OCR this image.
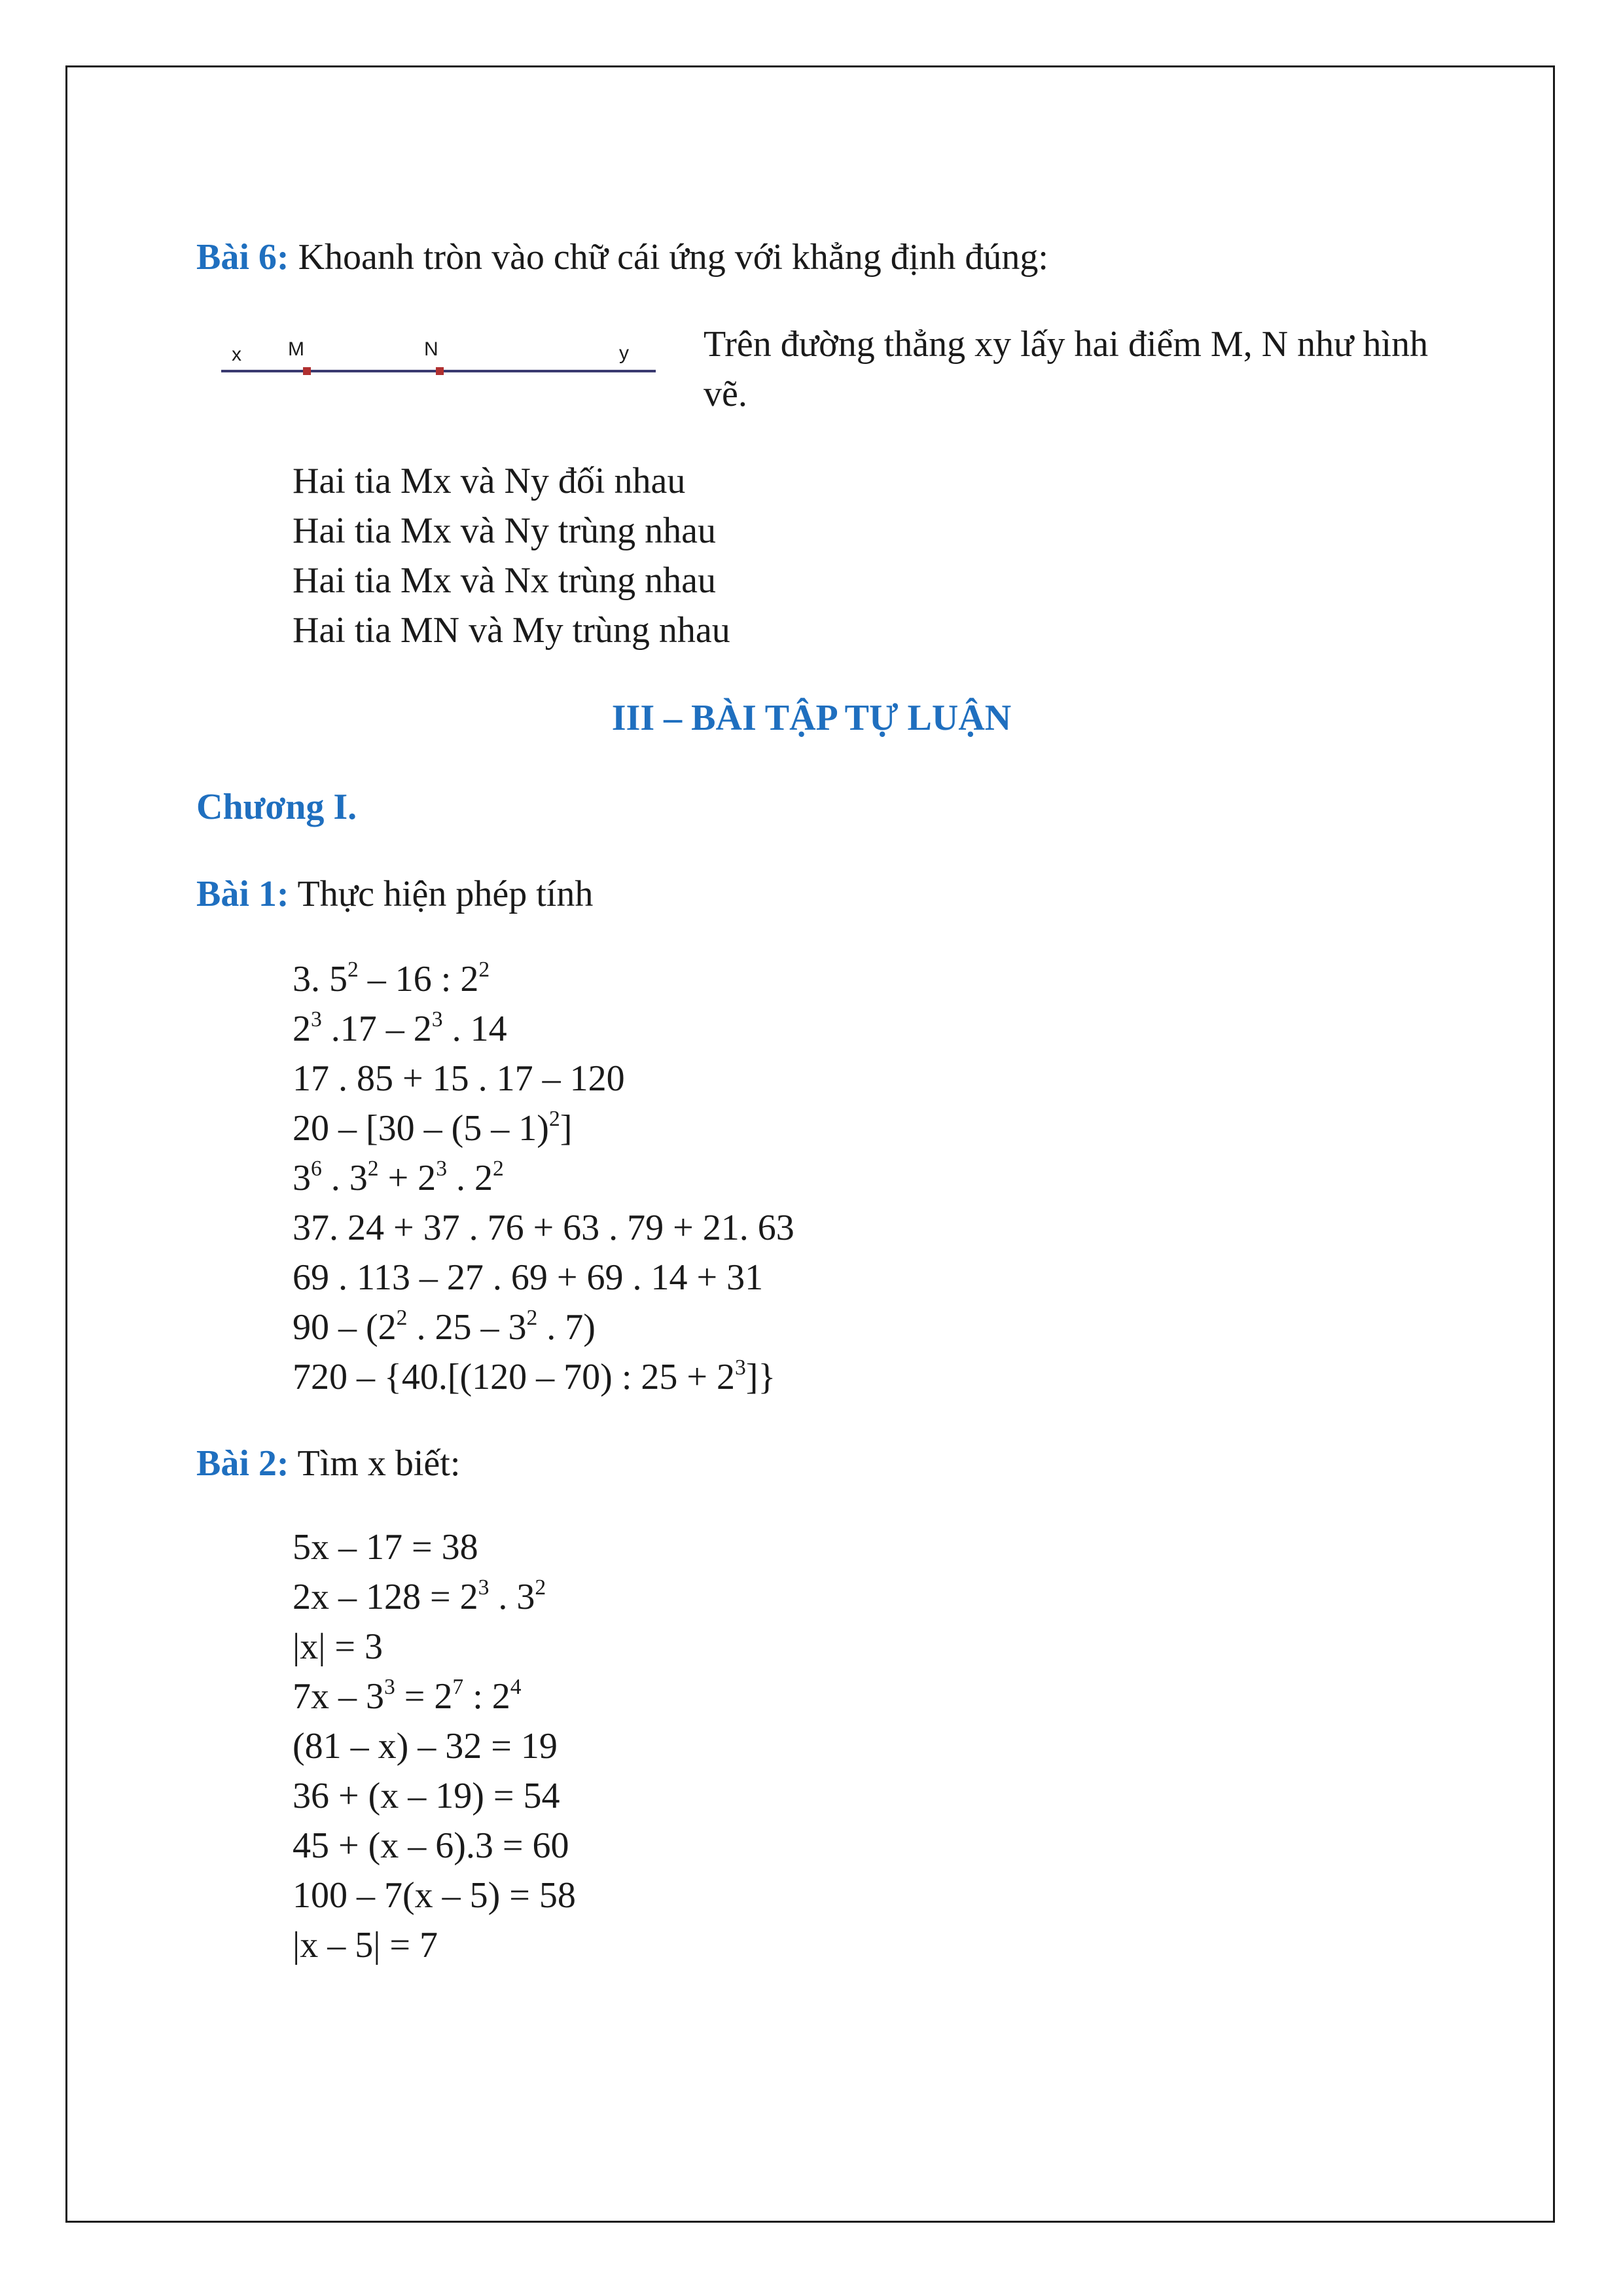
Bài 6: Khoanh tròn vào chữ cái ứng với khẳng định đúng:
x M	N	y Trên đường thẳng xy lấy hai điểm M, N như hình vẽ.
Hai tia Mx và Ny đối nhau
Hai tia Mx và Ny trùng nhau
Hai tia Mx và Nx trùng nhau
Hai tia MN và My trùng nhau
III – BÀI TẬP TỰ LUẬN
Chương I.
Bài 1: Thực hiện phép tính
3. $5^2 - 16$ : $2^2$
$2^3$ $.17 - 2^3$ . 14
17 . 85 + 15 . 17 – 120
20 – [30 – (5 – 1)$^2$]
$3^6$ . $3^2 + 2^3$ . $2^2$
37. 24 + 37 . 76 + 63 . 79 + 21. 63
69 . 113 – 27 . 69 + 69 . 14 + 31
$90 - (2^2$ . $25 - 3^2$ . 7)
720 – {40.[(120 – 70) : $25 + 2^3$]}
Bài 2: Tìm x biết:
5x – 17 = 38
$2x - 128 = 2^3$ . $3^2$
|x| = 3
$7x - 3^3 = 2^7$ : $2^4$
(81 – x) – 32 = 19
36 + (x – 19) = 54
45 + (x – 6).3 = 60
100 – 7(x – 5) = 58
|x – 5| = 7
